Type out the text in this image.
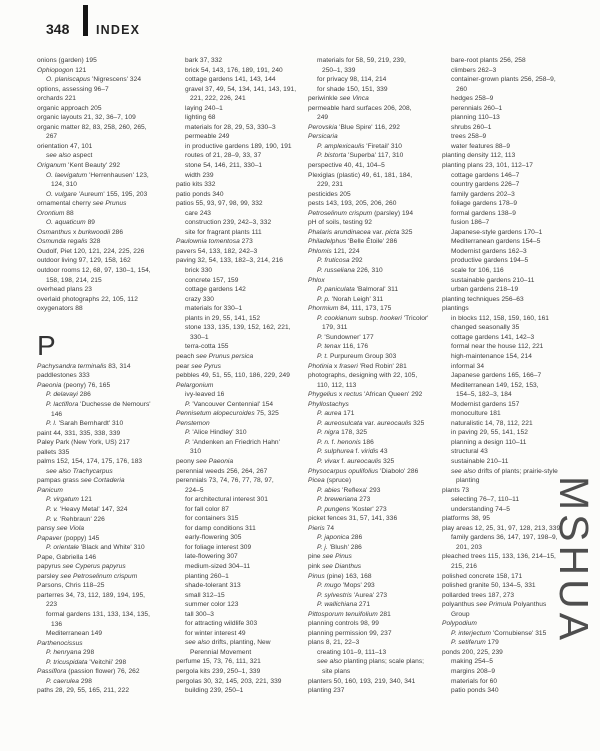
348 INDEX
onions (garden) 195
Ophiopogon 121
O. planiscapus 'Nigrescens' 324
options, assessing 96–7
orchards 221
organic approach 205
organic layouts 21, 32, 36–7, 109
organic matter 82, 83, 258, 260, 265,
267
orientation 47, 101
see also aspect
Origanum 'Kent Beauty' 292
O. laevigatum 'Herrenhausen' 123,
124, 310
O. vulgare 'Aureum' 155, 195, 203
ornamental cherry see Prunus
Orontium 88
O. aquaticum 89
Osmanthus x burkwoodii 286
Osmunda regalis 328
Oudolf, Piet 120, 121, 224, 225, 226
outdoor living 97, 129, 158, 162
outdoor rooms 12, 68, 97, 130–1, 154,
158, 198, 214, 215
overhead plans 23
overlaid photographs 22, 105, 112
oxygenators 88
P
Pachysandra terminalis 83, 314
paddlestones 333
Paeonia (peony) 76, 165
P. delavayi 286
P. lactiflora 'Duchesse de Nemours'
146
P. l. 'Sarah Bernhardt' 310
paint 44, 331, 335, 338, 339
Paley Park (New York, US) 217
pallets 335
palms 152, 154, 174, 175, 176, 183
see also Trachycarpus
pampas grass see Cortaderia
Panicum
P. virgatum 121
P. v. 'Heavy Metal' 147, 324
P. v. 'Rehbraun' 226
pansy see Viola
Papaver (poppy) 145
P. orientale 'Black and White' 310
Pape, Gabriella 146
papyrus see Cyperus papyrus
parsley see Petroselinum crispum
Parsons, Chris 118–25
parterres 34, 73, 112, 189, 194, 195,
223
formal gardens 131, 133, 134, 135,
136
Mediterranean 149
Parthenocissus
P. henryana 298
P. tricuspidata 'Veitchii' 298
Passiflora (passion flower) 76, 262
P. caerulea 298
paths 28, 29, 55, 165, 211, 222
bark 37, 332
brick 54, 143, 176, 189, 191, 240
cottage gardens 141, 143, 144
gravel 37, 49, 54, 134, 141, 143, 191,
221, 222, 226, 241
laying 240–1
lighting 68
materials for 28, 29, 53, 330–3
permeable 249
in productive gardens 189, 190, 191
routes of 21, 28–9, 33, 37
stone 54, 146, 211, 330–1
width 239
patio kits 332
patio ponds 340
patios 55, 93, 97, 98, 99, 332
care 243
construction 239, 242–3, 332
site for fragrant plants 111
Paulownia tomentosa 273
pavers 54, 133, 182, 242–3
paving 32, 54, 133, 182–3, 214, 216
brick 330
concrete 157, 159
cottage gardens 142
crazy 330
materials for 330–1
plants in 29, 55, 141, 152
stone 133, 135, 139, 152, 162, 221,
330–1
terra-cotta 155
peach see Prunus persica
pear see Pyrus
pebbles 49, 51, 55, 110, 186, 229, 249
Pelargonium
ivy-leaved 16
P. 'Vancouver Centennial' 154
Pennisetum alopecuroides 75, 325
Penstemon
P. 'Alice Hindley' 310
P. 'Andenken an Friedrich Hahn'
310
peony see Paeonia
perennial weeds 256, 264, 267
perennials 73, 74, 76, 77, 78, 97,
224–5
for architectural interest 301
for fall color 87
for containers 315
for damp conditions 311
early-flowering 305
for foliage interest 309
late-flowering 307
medium-sized 304–11
planting 260–1
shade-tolerant 313
small 312–15
summer color 123
tall 300–3
for attracting wildlife 303
for winter interest 49
see also drifts, planting, New
Perennial Movement
perfume 15, 73, 76, 111, 321
pergola kits 239, 250–1, 339
pergolas 30, 32, 145, 203, 221, 339
building 239, 250–1
materials for 58, 59, 219, 239,
250–1, 339
for privacy 98, 114, 214
for shade 150, 151, 339
periwinkle see Vinca
permeable hard surfaces 206, 208,
249
Perovskia 'Blue Spire' 116, 292
Persicaria
P. amplexicaulis 'Firetail' 310
P. bistorta 'Superba' 117, 310
perspective 40, 41, 104–5
Plexiglas (plastic) 49, 61, 181, 184,
229, 231
pesticides 205
pests 143, 193, 205, 206, 260
Petroselinum crispum (parsley) 194
pH of soils, testing 92
Phalaris arundinacea var. picta 325
Philadelphus 'Belle Étoile' 286
Phlomis 121, 224
P. fruticosa 292
P. russeliana 226, 310
Phlox
P. paniculata 'Balmoral' 311
P. p. 'Norah Leigh' 311
Phormium 84, 111, 173, 175
P. cookianum subsp. hookeri 'Tricolor'
179, 311
P. 'Sundowner' 177
P. tenax 116, 176
P. t. Purpureum Group 303
Photinia x fraseri 'Red Robin' 281
photographs, designing with 22, 105,
110, 112, 113
Phygelius x rectus 'African Queen' 292
Phyllostachys
P. aurea 171
P. aureosulcata var. aureocaulis 325
P. nigra 178, 325
P. n. f. henonis 186
P. sulphurea f. viridis 43
P. vivax f. aureocaulis 325
Physocarpus opulifolius 'Diabolo' 286
Picea (spruce)
P. abies 'Reflexa' 293
P. breweriana 273
P. pungens 'Koster' 273
picket fences 31, 57, 141, 336
Pieris 74
P. japonica 286
P. j. 'Blush' 286
pine see Pinus
pink see Dianthus
Pinus (pine) 163, 168
P. mugo 'Mops' 293
P. sylvestris 'Aurea' 273
P. wallichiana 271
Pittosporum tenuifolium 281
planning controls 98, 99
planning permission 99, 237
plans 8, 21, 22–3
creating 101–9, 111–13
see also planting plans; scale plans;
site plans
planters 50, 160, 193, 219, 340, 341
planting 237
bare-root plants 256, 258
climbers 262–3
container-grown plants 256, 258–9,
260
hedges 258–9
perennials 260–1
planning 110–13
shrubs 260–1
trees 258–9
water features 88–9
planting density 112, 113
planting plans 23, 101, 112–17
cottage gardens 146–7
country gardens 226–7
family gardens 202–3
foliage gardens 178–9
formal gardens 138–9
fusion 186–7
Japanese-style gardens 170–1
Mediterranean gardens 154–5
Modernist gardens 162–3
productive gardens 194–5
scale for 106, 116
sustainable gardens 210–11
urban gardens 218–19
planting techniques 256–63
plantings
in blocks 112, 158, 159, 160, 161
changed seasonally 35
cottage gardens 141, 142–3
formal near the house 112, 221
high-maintenance 154, 214
informal 34
Japanese gardens 165, 166–7
Mediterranean 149, 152, 153,
154–5, 182–3, 184
Modernist gardens 157
monoculture 181
naturalistic 14, 78, 112, 221
in paving 29, 55, 141, 152
planning a design 110–11
structural 43
sustainable 210–11
see also drifts of plants; prairie-style
planting
plants 73
selecting 76–7, 110–11
understanding 74–5
platforms 38, 95
play areas 12, 25, 31, 97, 128, 213, 339
family gardens 36, 147, 197, 198–9,
201, 203
pleached trees 115, 133, 136, 214–15,
215, 216
polished concrete 158, 171
polished granite 50, 134–5, 331
pollarded trees 187, 273
polyanthus see Primula Polyanthus
Group
Polypodium
P. interjectum 'Cornubiense' 315
P. setiferum 179
ponds 200, 225, 239
making 254–5
margins 208–9
materials for 60
patio ponds 340
MSHUA
